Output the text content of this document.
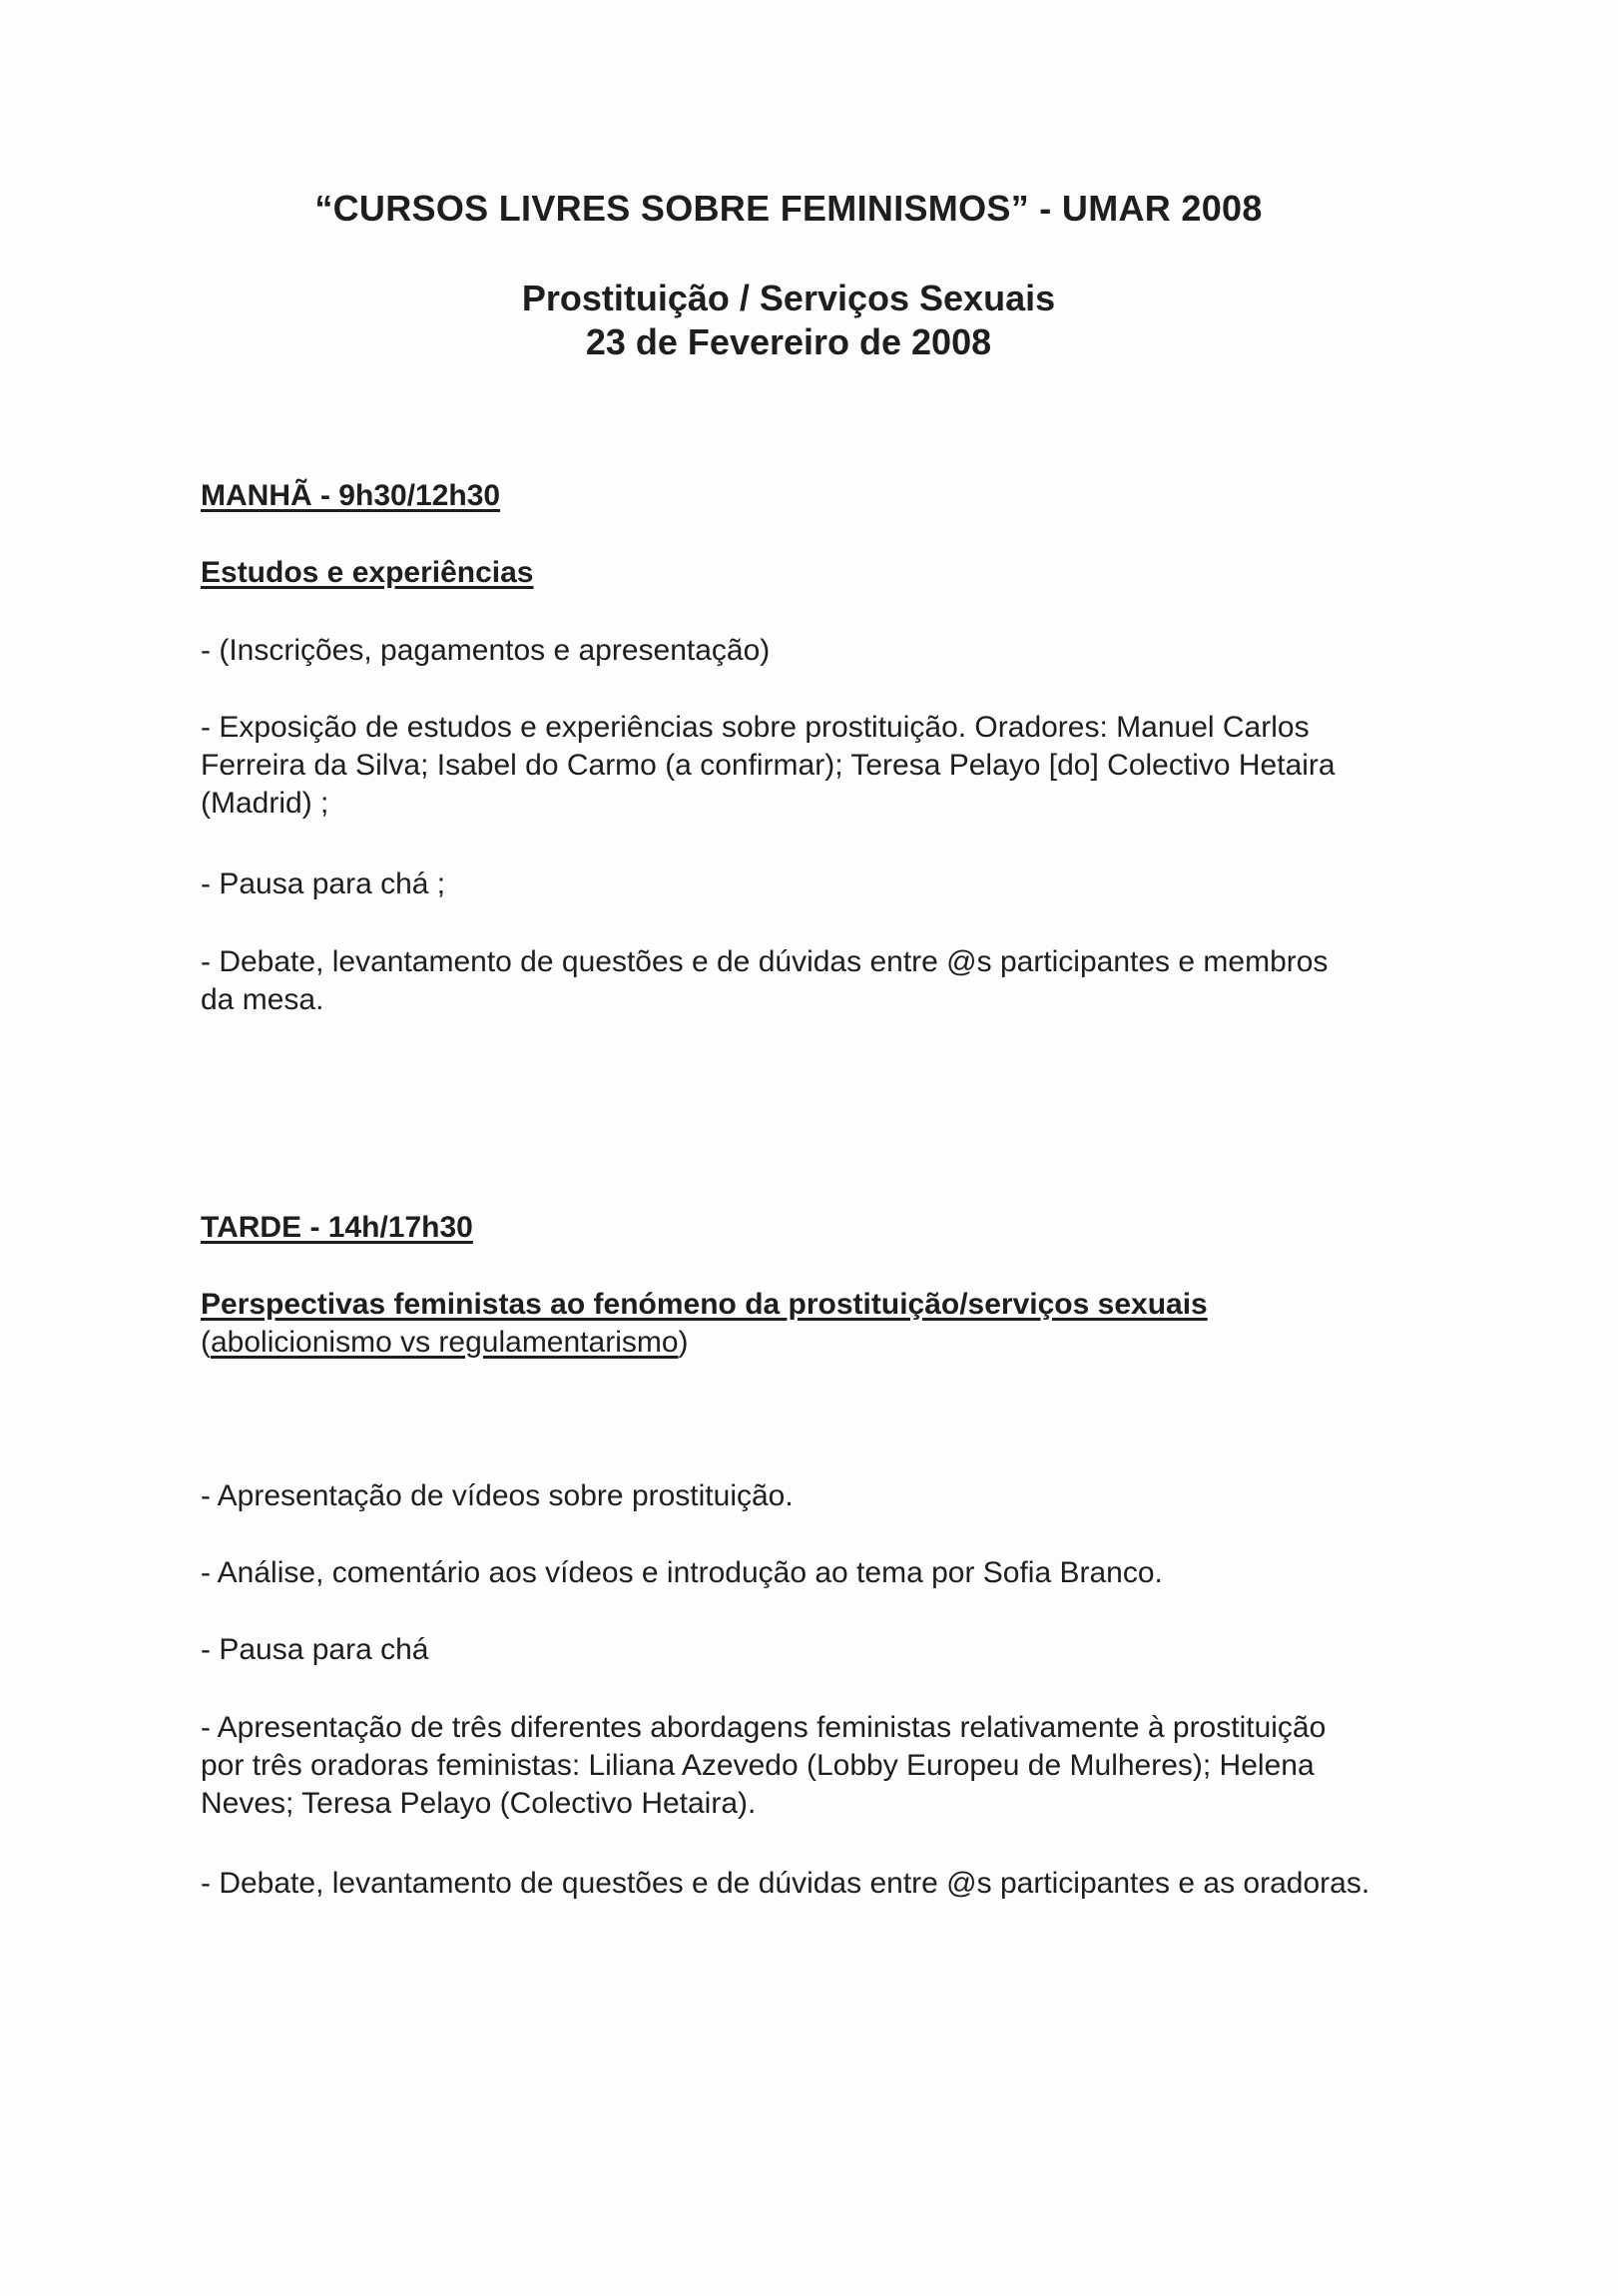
“CURSOS LIVRES SOBRE FEMINISMOS” - UMAR 2008
Prostituição / Serviços Sexuais
23 de Fevereiro de 2008

MANHÃ - 9h30/12h30

Estudos e experiências

- (Inscrições, pagamentos e apresentação)

- Exposição de estudos e experiências sobre prostituição. Oradores: Manuel Carlos Ferreira da Silva; Isabel do Carmo (a confirmar); Teresa Pelayo [do] Colectivo Hetaira (Madrid) ;

- Pausa para chá ;

- Debate, levantamento de questões e de dúvidas entre @s participantes e membros da mesa.

TARDE - 14h/17h30

Perspectivas feministas ao fenómeno da prostituição/serviços sexuais

(abolicionismo vs regulamentarismo)

- Apresentação de vídeos sobre prostituição.

- Análise, comentário aos vídeos e introdução ao tema por Sofia Branco.

- Pausa para chá

- Apresentação de três diferentes abordagens feministas relativamente à prostituição por três oradoras feministas: Liliana Azevedo (Lobby Europeu de Mulheres); Helena Neves; Teresa Pelayo (Colectivo Hetaira).

- Debate, levantamento de questões e de dúvidas entre @s participantes e as oradoras.
